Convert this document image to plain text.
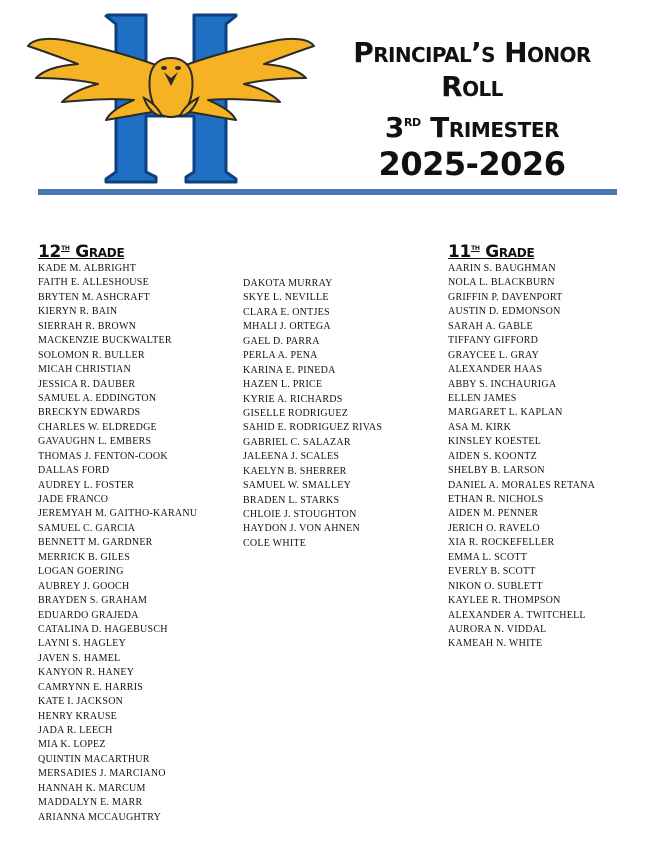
Principal’s Honor Roll
3rd Trimester
2025-2026
12th Grade
KADE M. ALBRIGHT
FAITH E. ALLESHOUSE
BRYTEN M. ASHCRAFT
KIERYN R. BAIN
SIERRAH R. BROWN
MACKENZIE BUCKWALTER
SOLOMON R. BULLER
MICAH CHRISTIAN
JESSICA R. DAUBER
SAMUEL A. EDDINGTON
BRECKYN EDWARDS
CHARLES W. ELDREDGE
GAVAUGHN L. EMBERS
THOMAS J. FENTON-COOK
DALLAS FORD
AUDREY L. FOSTER
JADE FRANCO
JEREMYAH M. GAITHO-KARANU
SAMUEL C. GARCIA
BENNETT M. GARDNER
MERRICK B. GILES
LOGAN GOERING
AUBREY J. GOOCH
BRAYDEN S. GRAHAM
EDUARDO GRAJEDA
CATALINA D. HAGEBUSCH
LAYNI S. HAGLEY
JAVEN S. HAMEL
KANYON R. HANEY
CAMRYNN E. HARRIS
KATE I. JACKSON
HENRY KRAUSE
JADA R. LEECH
MIA K. LOPEZ
QUINTIN MACARTHUR
MERSADIES J. MARCIANO
HANNAH K. MARCUM
MADDALYN E. MARR
ARIANNA MCCAUGHTRY
DAKOTA MURRAY
SKYE L. NEVILLE
CLARA E. ONTJES
MHALI J. ORTEGA
GAEL D. PARRA
PERLA A. PENA
KARINA E. PINEDA
HAZEN L. PRICE
KYRIE A. RICHARDS
GISELLE RODRIGUEZ
SAHID E. RODRIGUEZ RIVAS
GABRIEL C. SALAZAR
JALEENA J. SCALES
KAELYN B. SHERRER
SAMUEL W. SMALLEY
BRADEN L. STARKS
CHLOIE J. STOUGHTON
HAYDON J. VON AHNEN
COLE WHITE
11th Grade
AARIN S. BAUGHMAN
NOLA L. BLACKBURN
GRIFFIN P. DAVENPORT
AUSTIN D. EDMONSON
SARAH A. GABLE
TIFFANY GIFFORD
GRAYCEE L. GRAY
ALEXANDER HAAS
ABBY S. INCHAURIGA
ELLEN JAMES
MARGARET L. KAPLAN
ASA M. KIRK
KINSLEY KOESTEL
AIDEN S. KOONTZ
SHELBY B. LARSON
DANIEL A. MORALES RETANA
ETHAN R. NICHOLS
AIDEN M. PENNER
JERICH O. RAVELO
XIA R. ROCKEFELLER
EMMA L. SCOTT
EVERLY B. SCOTT
NIKON O. SUBLETT
KAYLEE R. THOMPSON
ALEXANDER A. TWITCHELL
AURORA N. VIDDAL
KAMEAH N. WHITE
